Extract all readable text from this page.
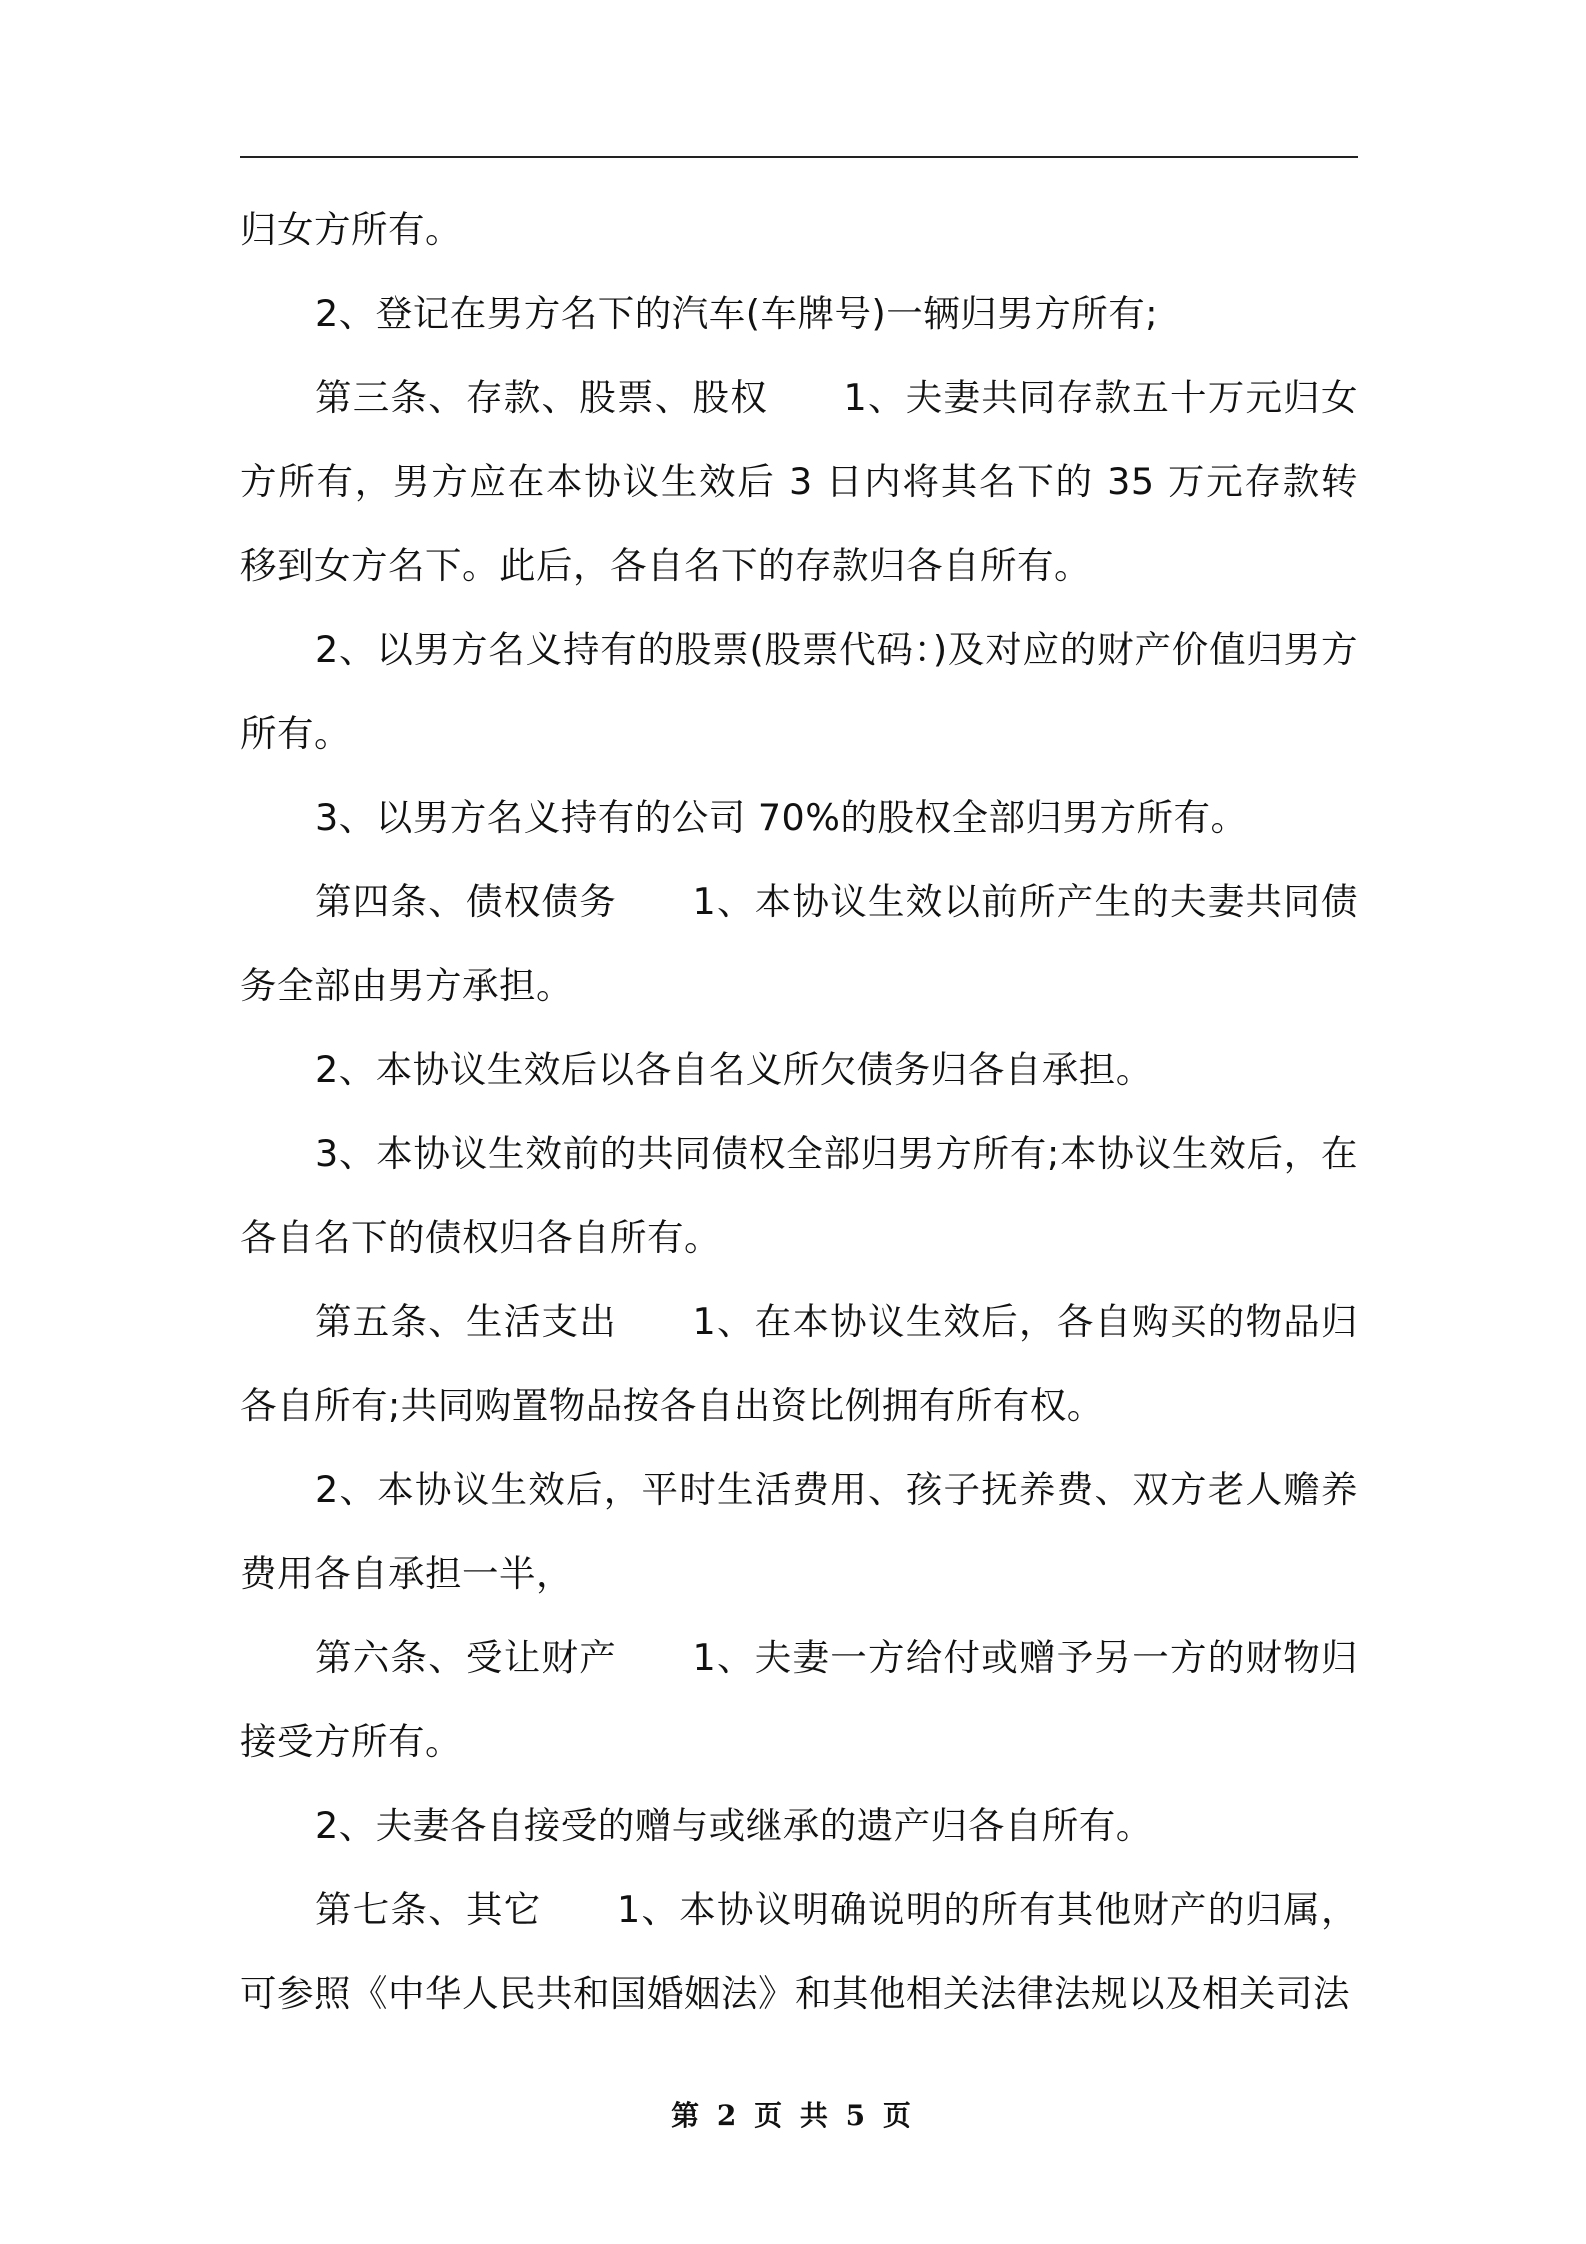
归女方所有。

2、登记在男方名下的汽车(车牌号)一辆归男方所有;

第三条、存款、股票、股权　　1、夫妻共同存款五十万元归女方所有，男方应在本协议生效后 3 日内将其名下的 35 万元存款转移到女方名下。此后，各自名下的存款归各自所有。

2、以男方名义持有的股票(股票代码：)及对应的财产价值归男方所有。

3、以男方名义持有的公司 70%的股权全部归男方所有。

第四条、债权债务　　1、本协议生效以前所产生的夫妻共同债务全部由男方承担。

2、本协议生效后以各自名义所欠债务归各自承担。

3、本协议生效前的共同债权全部归男方所有;本协议生效后，在各自名下的债权归各自所有。

第五条、生活支出　　1、在本协议生效后，各自购买的物品归各自所有;共同购置物品按各自出资比例拥有所有权。

2、本协议生效后，平时生活费用、孩子抚养费、双方老人赡养费用各自承担一半，

第六条、受让财产　　1、夫妻一方给付或赠予另一方的财物归接受方所有。

2、夫妻各自接受的赠与或继承的遗产归各自所有。

第七条、其它　　1、本协议明确说明的所有其他财产的归属，可参照《中华人民共和国婚姻法》和其他相关法律法规以及相关司法

第 2 页 共 5 页
